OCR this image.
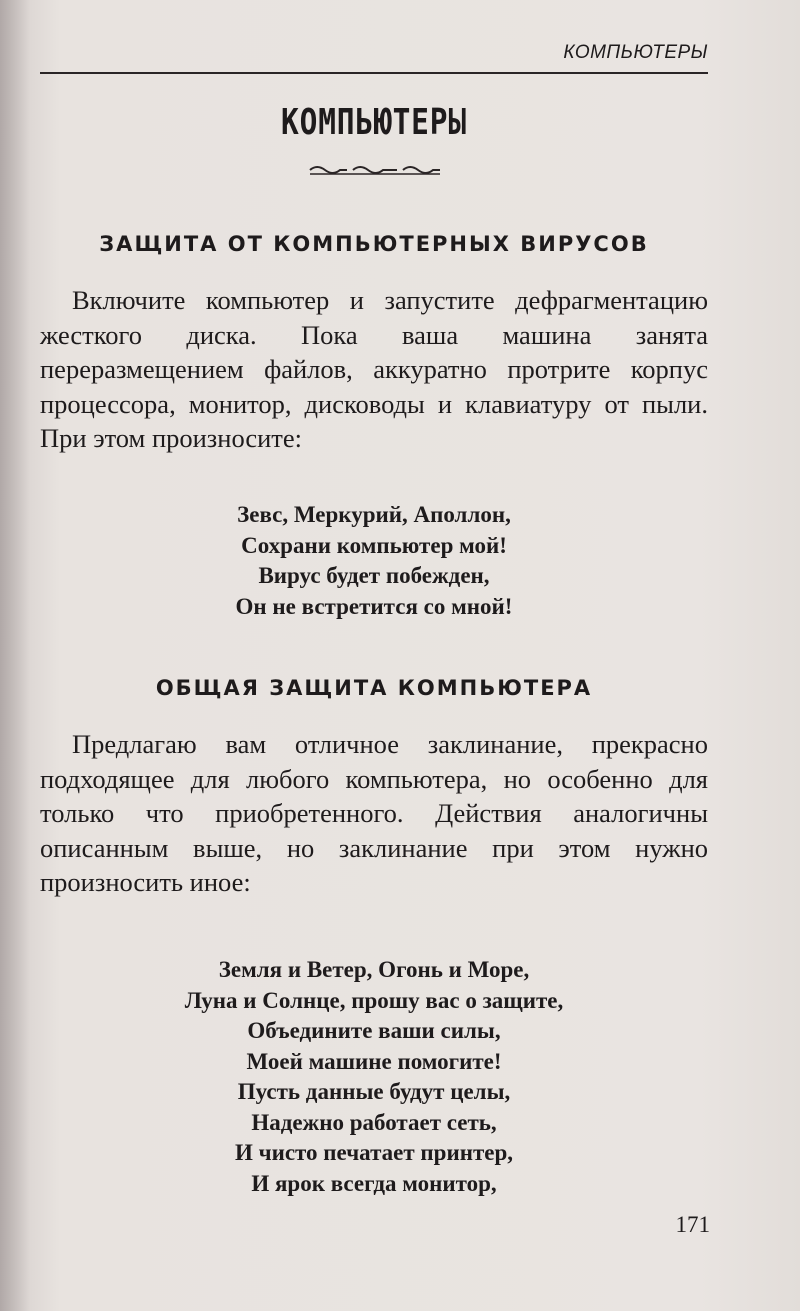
КОМПЬЮТЕРЫ
КОМПЬЮТЕРЫ
ЗАЩИТА ОТ КОМПЬЮТЕРНЫХ ВИРУСОВ

Включите компьютер и запустите дефрагментацию жесткого диска. Пока ваша машина занята переразмещением файлов, аккуратно протрите корпус процессора, монитор, дисководы и клавиатуру от пыли. При этом произносите:

Зевс, Меркурий, Аполлон,
Сохрани компьютер мой!
Вирус будет побежден,
Он не встретится со мной!
ОБЩАЯ ЗАЩИТА КОМПЬЮТЕРА

Предлагаю вам отличное заклинание, прекрасно подходящее для любого компьютера, но особенно для только что приобретенного. Действия аналогичны описанным выше, но заклинание при этом нужно произносить иное:

Земля и Ветер, Огонь и Море,
Луна и Солнце, прошу вас о защите,
Объедините ваши силы,
Моей машине помогите!
Пусть данные будут целы,
Надежно работает сеть,
И чисто печатает принтер,
И ярок всегда монитор,
171
